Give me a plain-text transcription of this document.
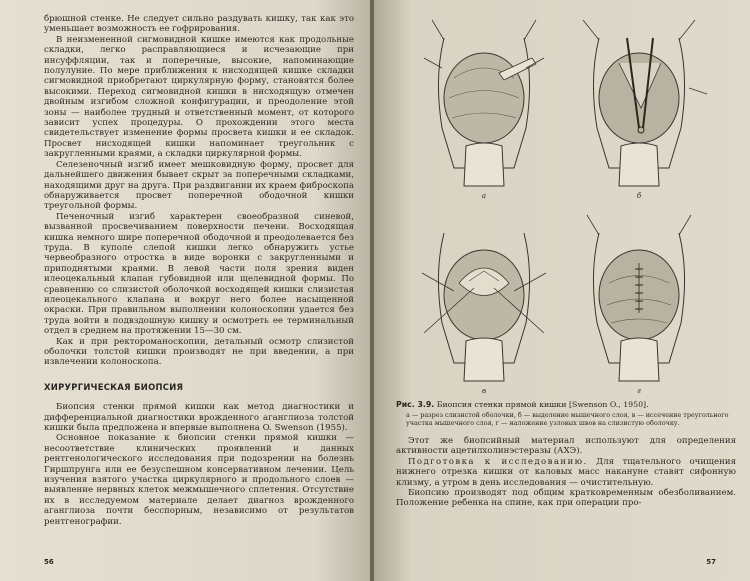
брюшной стенке. Не следует сильно раздувать кишку, так как это уменьшает возможность ее гофрирования.

В неизмененной сигмовидной кишке имеются как продольные складки, легко расправляющиеся и исчезающие при инсуффляции, так и поперечные, высокие, напоминающие полулуние. По мере приближения к нисходящей кишке складки сигмовидной приобретают циркулярную форму, становятся более высокими. Переход сигмовидной кишки в нисходящую отмечен двойным изгибом сложной конфигурации, и преодоление этой зоны — наиболее трудный и ответственный момент, от которого зависит успех процедуры. О прохождении этого места свидетельствует изменение формы просвета кишки и ее складок. Просвет нисходящей кишки напоминает треугольник с закругленными краями, а складки циркулярной формы.

Селезеночный изгиб имеет мешковидную форму, просвет для дальнейшего движения бывает скрыт за поперечными складками, находящими друг на друга. При раздвигании их краем фиброскопа обнаруживается просвет поперечной ободочной кишки треугольной формы.

Печеночный изгиб характерен своеобразной синевой, вызванной просвечиванием поверхности печени. Восходящая кишка немного шире поперечной ободочной и преодолевается без труда. В куполе слепой кишки легко обнаружить устье червеобразного отростка в виде воронки с закругленными и приподнятыми краями. В левой части поля зрения виден илеоцекальный клапан губовидной или щелевидной формы. По сравнению со слизистой оболочкой восходящей кишки слизистая илеоцекального клапана и вокруг него более насыщенной окраски. При правильном выполнении колоноскопии удается без труда войти в подвздошную кишку и осмотреть ее терминальный отдел в среднем на протяжении 15—30 см.

Как и при ректороманоскопии, детальный осмотр слизистой оболочки толстой кишки производят не при введении, а при извлечении колоноскопа.

ХИРУРГИЧЕСКАЯ БИОПСИЯ

Биопсия стенки прямой кишки как метод диагностики и дифференциальной диагностики врожденного аганглиоза толстой кишки была предложена и впервые выполнена O. Swenson (1955).

Основное показание к биопсии стенки прямой кишки — несоответствие клинических проявлений и данных рентгенологического исследования при подозрении на болезнь Гиршпрунга или ее безуспешном консервативном лечении. Цель изучения взятого участка циркулярного и продольного слоев — выявление нервных клеток межмышечного сплетения. Отсутствие их в исследуемом материале делает диагноз врожденного аганглиоза почти бесспорным, независимо от результатов рентгенографии.

56
а	б
в	г
Рис. 3.9. Биопсия стенки прямой кишки [Swenson O., 1950].
а — разрез слизистой оболочки, б — выделение мышечного слоя, в — иссечение треугольного участка мышечного слоя, г — наложение узловых швов на слизистую оболочку.

Этот же биопсийный материал используют для определения активности ацетилхолинэстеразы (АХЭ).

Подготовка к исследованию. Для тщательного очищения нижнего отрезка кишки от каловых масс накануне ставят сифонную клизму, а утром в день исследования — очистительную.

Биопсию производят под общим кратковременным обезболиванием. Положение ребенка на спине, как при операции про-

57
